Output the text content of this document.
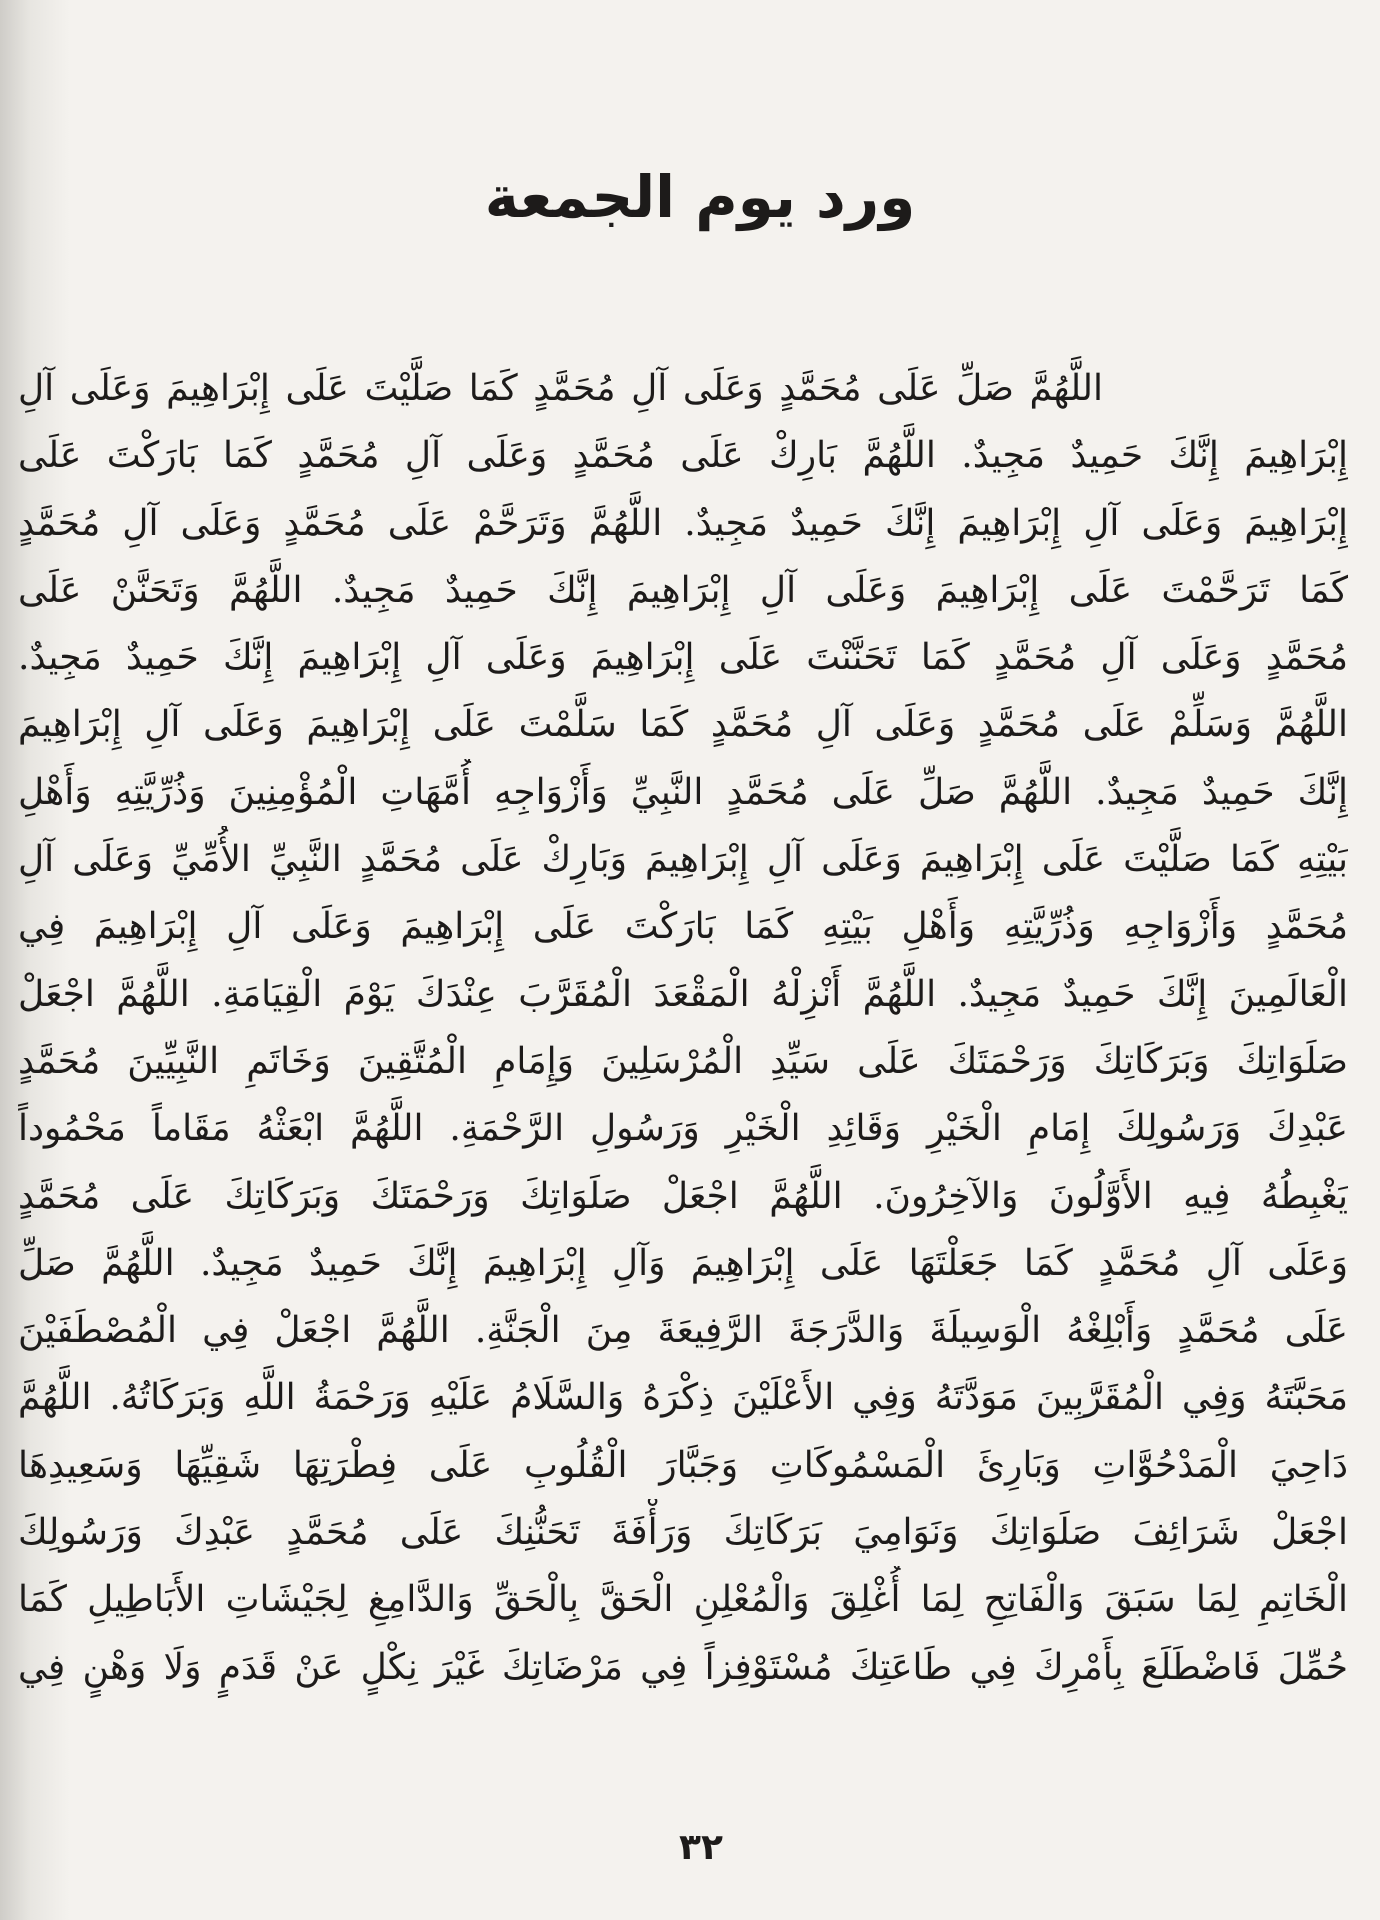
ورد يوم الجمعة
اللَّهُمَّ صَلِّ عَلَى مُحَمَّدٍ وَعَلَى آلِ مُحَمَّدٍ كَمَا صَلَّيْتَ عَلَى إِبْرَاهِيمَ وَعَلَى آلِ
إِبْرَاهِيمَ إِنَّكَ حَمِيدٌ مَجِيدٌ. اللَّهُمَّ بَارِكْ عَلَى مُحَمَّدٍ وَعَلَى آلِ مُحَمَّدٍ كَمَا بَارَكْتَ عَلَى
إِبْرَاهِيمَ وَعَلَى آلِ إِبْرَاهِيمَ إِنَّكَ حَمِيدٌ مَجِيدٌ. اللَّهُمَّ وَتَرَحَّمْ عَلَى مُحَمَّدٍ وَعَلَى آلِ مُحَمَّدٍ
كَمَا تَرَحَّمْتَ عَلَى إِبْرَاهِيمَ وَعَلَى آلِ إِبْرَاهِيمَ إِنَّكَ حَمِيدٌ مَجِيدٌ. اللَّهُمَّ وَتَحَنَّنْ عَلَى
مُحَمَّدٍ وَعَلَى آلِ مُحَمَّدٍ كَمَا تَحَنَّنْتَ عَلَى إِبْرَاهِيمَ وَعَلَى آلِ إِبْرَاهِيمَ إِنَّكَ حَمِيدٌ مَجِيدٌ.
اللَّهُمَّ وَسَلِّمْ عَلَى مُحَمَّدٍ وَعَلَى آلِ مُحَمَّدٍ كَمَا سَلَّمْتَ عَلَى إِبْرَاهِيمَ وَعَلَى آلِ إِبْرَاهِيمَ
إِنَّكَ حَمِيدٌ مَجِيدٌ. اللَّهُمَّ صَلِّ عَلَى مُحَمَّدٍ النَّبِيِّ وَأَزْوَاجِهِ أُمَّهَاتِ الْمُؤْمِنِينَ وَذُرِّيَّتِهِ وَأَهْلِ
بَيْتِهِ كَمَا صَلَّيْتَ عَلَى إِبْرَاهِيمَ وَعَلَى آلِ إِبْرَاهِيمَ وَبَارِكْ عَلَى مُحَمَّدٍ النَّبِيِّ الأُمِّيِّ وَعَلَى آلِ
مُحَمَّدٍ وَأَزْوَاجِهِ وَذُرِّيَّتِهِ وَأَهْلِ بَيْتِهِ كَمَا بَارَكْتَ عَلَى إِبْرَاهِيمَ وَعَلَى آلِ إِبْرَاهِيمَ فِي
الْعَالَمِينَ إِنَّكَ حَمِيدٌ مَجِيدٌ. اللَّهُمَّ أَنْزِلْهُ الْمَقْعَدَ الْمُقَرَّبَ عِنْدَكَ يَوْمَ الْقِيَامَةِ. اللَّهُمَّ اجْعَلْ
صَلَوَاتِكَ وَبَرَكَاتِكَ وَرَحْمَتَكَ عَلَى سَيِّدِ الْمُرْسَلِينَ وَإِمَامِ الْمُتَّقِينَ وَخَاتَمِ النَّبِيِّينَ مُحَمَّدٍ
عَبْدِكَ وَرَسُولِكَ إِمَامِ الْخَيْرِ وَقَائِدِ الْخَيْرِ وَرَسُولِ الرَّحْمَةِ. اللَّهُمَّ ابْعَثْهُ مَقَاماً مَحْمُوداً
يَغْبِطُهُ فِيهِ الأَوَّلُونَ وَالآخِرُونَ. اللَّهُمَّ اجْعَلْ صَلَوَاتِكَ وَرَحْمَتَكَ وَبَرَكَاتِكَ عَلَى مُحَمَّدٍ
وَعَلَى آلِ مُحَمَّدٍ كَمَا جَعَلْتَهَا عَلَى إِبْرَاهِيمَ وَآلِ إِبْرَاهِيمَ إِنَّكَ حَمِيدٌ مَجِيدٌ. اللَّهُمَّ صَلِّ
عَلَى مُحَمَّدٍ وَأَبْلِغْهُ الْوَسِيلَةَ وَالدَّرَجَةَ الرَّفِيعَةَ مِنَ الْجَنَّةِ. اللَّهُمَّ اجْعَلْ فِي الْمُصْطَفَيْنَ
مَحَبَّتَهُ وَفِي الْمُقَرَّبِينَ مَوَدَّتَهُ وَفِي الأَعْلَيْنَ ذِكْرَهُ وَالسَّلَامُ عَلَيْهِ وَرَحْمَةُ اللَّهِ وَبَرَكَاتُهُ. اللَّهُمَّ
دَاحِيَ الْمَدْحُوَّاتِ وَبَارِئَ الْمَسْمُوكَاتِ وَجَبَّارَ الْقُلُوبِ عَلَى فِطْرَتِهَا شَقِيِّهَا وَسَعِيدِهَا
اجْعَلْ شَرَائِفَ صَلَوَاتِكَ وَنَوَامِيَ بَرَكَاتِكَ وَرَأْفَةَ تَحَنُّنِكَ عَلَى مُحَمَّدٍ عَبْدِكَ وَرَسُولِكَ
الْخَاتِمِ لِمَا سَبَقَ وَالْفَاتِحِ لِمَا أُغْلِقَ وَالْمُعْلِنِ الْحَقَّ بِالْحَقِّ وَالدَّامِغِ لِجَيْشَاتِ الأَبَاطِيلِ كَمَا
حُمِّلَ فَاضْطَلَعَ بِأَمْرِكَ فِي طَاعَتِكَ مُسْتَوْفِزاً فِي مَرْضَاتِكَ غَيْرَ نِكْلٍ عَنْ قَدَمٍ وَلَا وَهْنٍ فِي
٣٢
